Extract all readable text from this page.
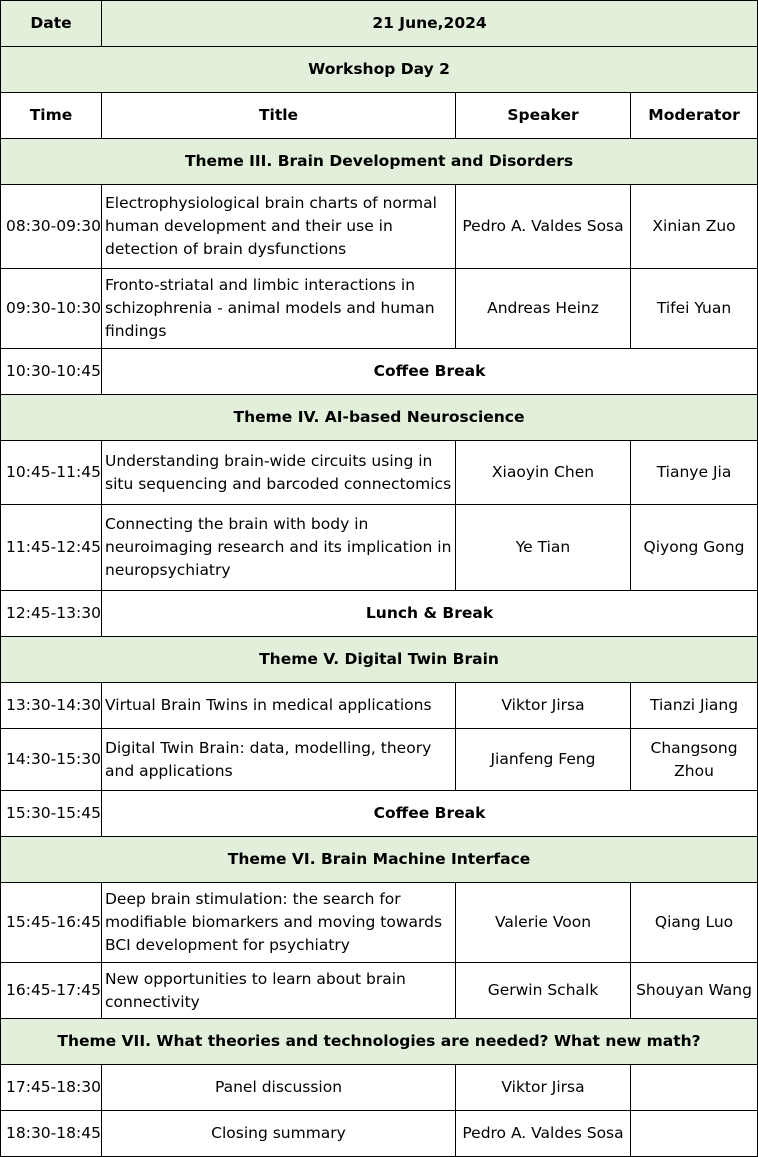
Date	21 June,2024		
Workshop Day 2			
Time	Title	Speaker	Moderator
Theme III. Brain Development and Disorders			
08:30-09:30	Electrophysiological brain charts of normal human development and their use in detection of brain dysfunctions	Pedro A. Valdes Sosa	Xinian Zuo
09:30-10:30	Fronto-striatal and limbic interactions in schizophrenia - animal models and human findings	Andreas Heinz	Tifei Yuan
10:30-10:45	Coffee Break		
Theme IV. AI-based Neuroscience			
10:45-11:45	Understanding brain-wide circuits using in situ sequencing and barcoded connectomics	Xiaoyin Chen	Tianye Jia
11:45-12:45	Connecting the brain with body in neuroimaging research and its implication in neuropsychiatry	Ye Tian	Qiyong Gong
12:45-13:30	Lunch & Break		
Theme V. Digital Twin Brain			
13:30-14:30	Virtual Brain Twins in medical applications	Viktor Jirsa	Tianzi Jiang
14:30-15:30	Digital Twin Brain: data, modelling, theory and applications	Jianfeng Feng	Changsong Zhou
15:30-15:45	Coffee Break		
Theme VI. Brain Machine Interface			
15:45-16:45	Deep brain stimulation: the search for modifiable biomarkers and moving towards BCI development for psychiatry	Valerie Voon	Qiang Luo
16:45-17:45	New opportunities to learn about brain connectivity	Gerwin Schalk	Shouyan Wang
Theme VII. What theories and technologies are needed? What new math?			
17:45-18:30	Panel discussion	Viktor Jirsa	
18:30-18:45	Closing summary	Pedro A. Valdes Sosa	
